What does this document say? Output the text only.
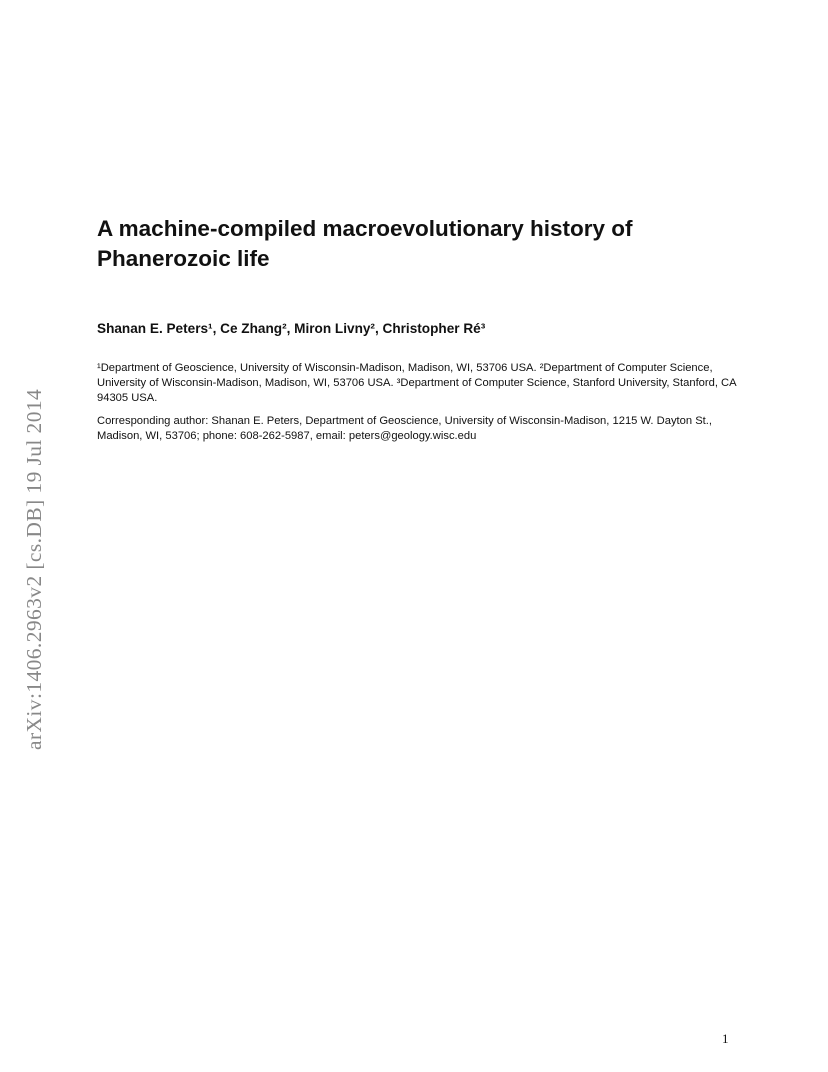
arXiv:1406.2963v2 [cs.DB] 19 Jul 2014
A machine-compiled macroevolutionary history of Phanerozoic life

Shanan E. Peters¹, Ce Zhang², Miron Livny², Christopher Ré³

¹Department of Geoscience, University of Wisconsin-Madison, Madison, WI, 53706 USA. ²Department of Computer Science, University of Wisconsin-Madison, Madison, WI, 53706 USA. ³Department of Computer Science, Stanford University, Stanford, CA 94305 USA.

Corresponding author: Shanan E. Peters, Department of Geoscience, University of Wisconsin-Madison, 1215 W. Dayton St., Madison, WI, 53706; phone: 608-262-5987, email: peters@geology.wisc.edu

1
